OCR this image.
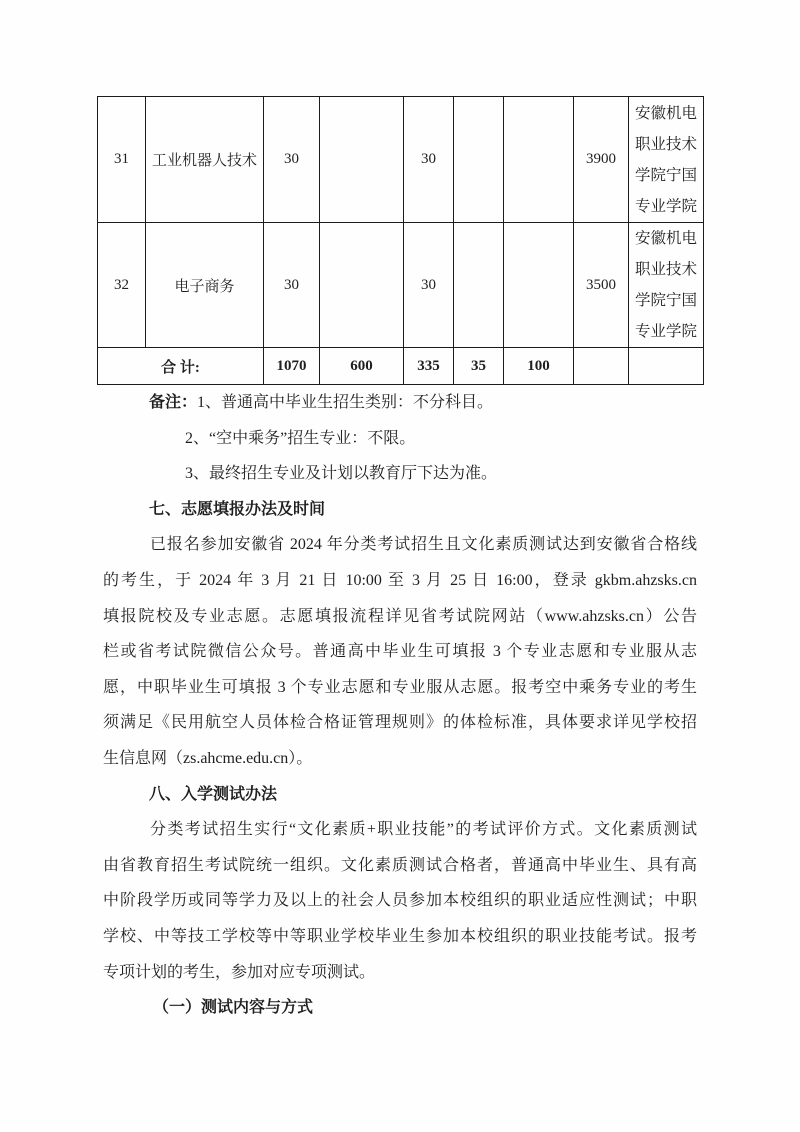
31	工业机器人技术	30		30			3900	安徽机电
职业技术
学院宁国
专业学院

32	电子商务	30		30			3500	安徽机电
职业技术
学院宁国
专业学院

合 计:		1070	600	335	35	100		
备注：1、普通高中毕业生招生类别：不分科目。
2、“空中乘务”招生专业：不限。
3、最终招生专业及计划以教育厅下达为准。
七、志愿填报办法及时间
已报名参加安徽省 2024 年分类考试招生且文化素质测试达到安徽省合格线
的考生，于 2024 年 3 月 21 日 10:00 至 3 月 25 日 16:00，登录 gkbm.ahzsks.cn
填报院校及专业志愿。志愿填报流程详见省考试院网站（www.ahzsks.cn）公告
栏或省考试院微信公众号。普通高中毕业生可填报 3 个专业志愿和专业服从志
愿，中职毕业生可填报 3 个专业志愿和专业服从志愿。报考空中乘务专业的考生
须满足《民用航空人员体检合格证管理规则》的体检标准，具体要求详见学校招
生信息网（zs.ahcme.edu.cn）。
八、入学测试办法
分类考试招生实行“文化素质+职业技能”的考试评价方式。文化素质测试
由省教育招生考试院统一组织。文化素质测试合格者，普通高中毕业生、具有高
中阶段学历或同等学力及以上的社会人员参加本校组织的职业适应性测试；中职
学校、中等技工学校等中等职业学校毕业生参加本校组织的职业技能考试。报考
专项计划的考生，参加对应专项测试。
（一）测试内容与方式
